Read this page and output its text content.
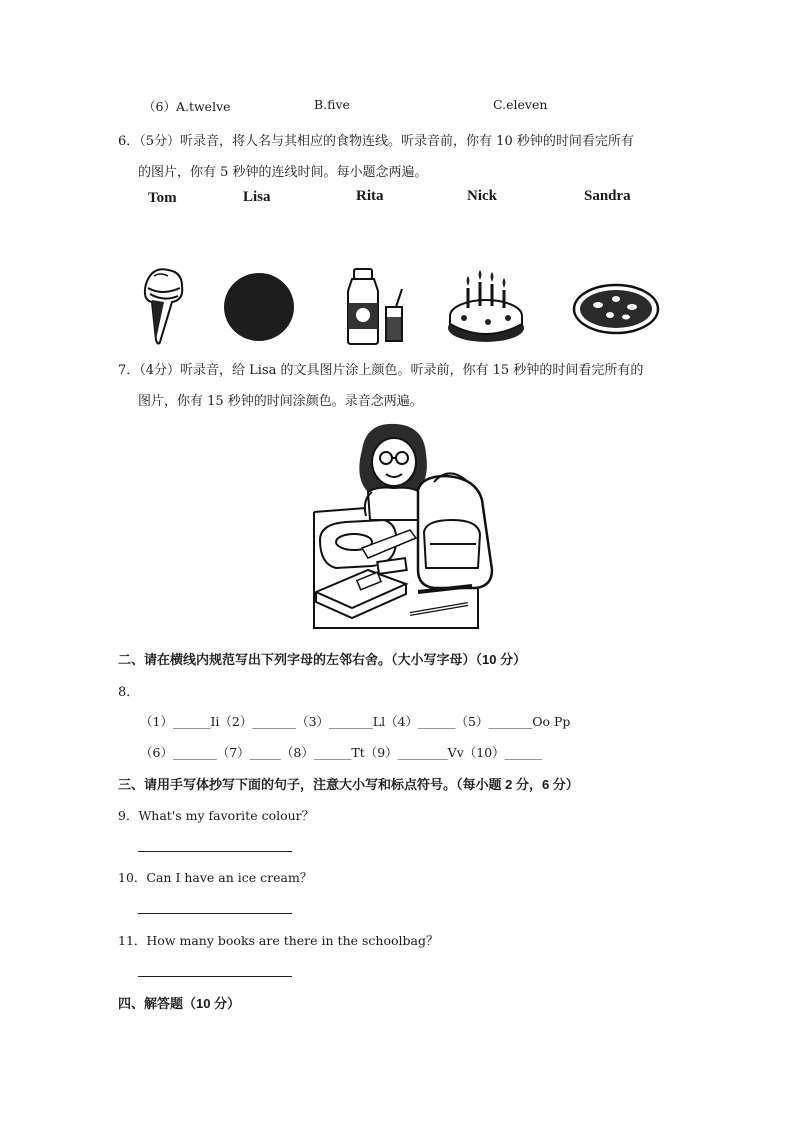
（6）A.twelve	B.five	C.eleven
6．（5分）听录音，将人名与其相应的食物连线。听录音前，你有 10 秒钟的时间看完所有
的图片，你有 5 秒钟的连线时间。每小题念两遍。
Tom	Lisa	Rita	Nick	Sandra
7．（4分）听录音，给 Lisa 的文具图片涂上颜色。听录前，你有 15 秒钟的时间看完所有的
图片，你有 15 秒钟的时间涂颜色。录音念两遍。
二、请在横线内规范写出下列字母的左邻右舍。（大小写字母）（10 分）
8．
（1）______Ii（2）_______（3）_______Ll（4）______（5）_______Oo Pp
（6）_______（7）_____（8）______Tt（9）________Vv（10）______
三、请用手写体抄写下面的句子，注意大小写和标点符号。（每小题 2 分，6 分）
9．What's my favorite colour？
10．Can I have an ice cream？
11．How many books are there in the schoolbag？
四、解答题（10 分）
